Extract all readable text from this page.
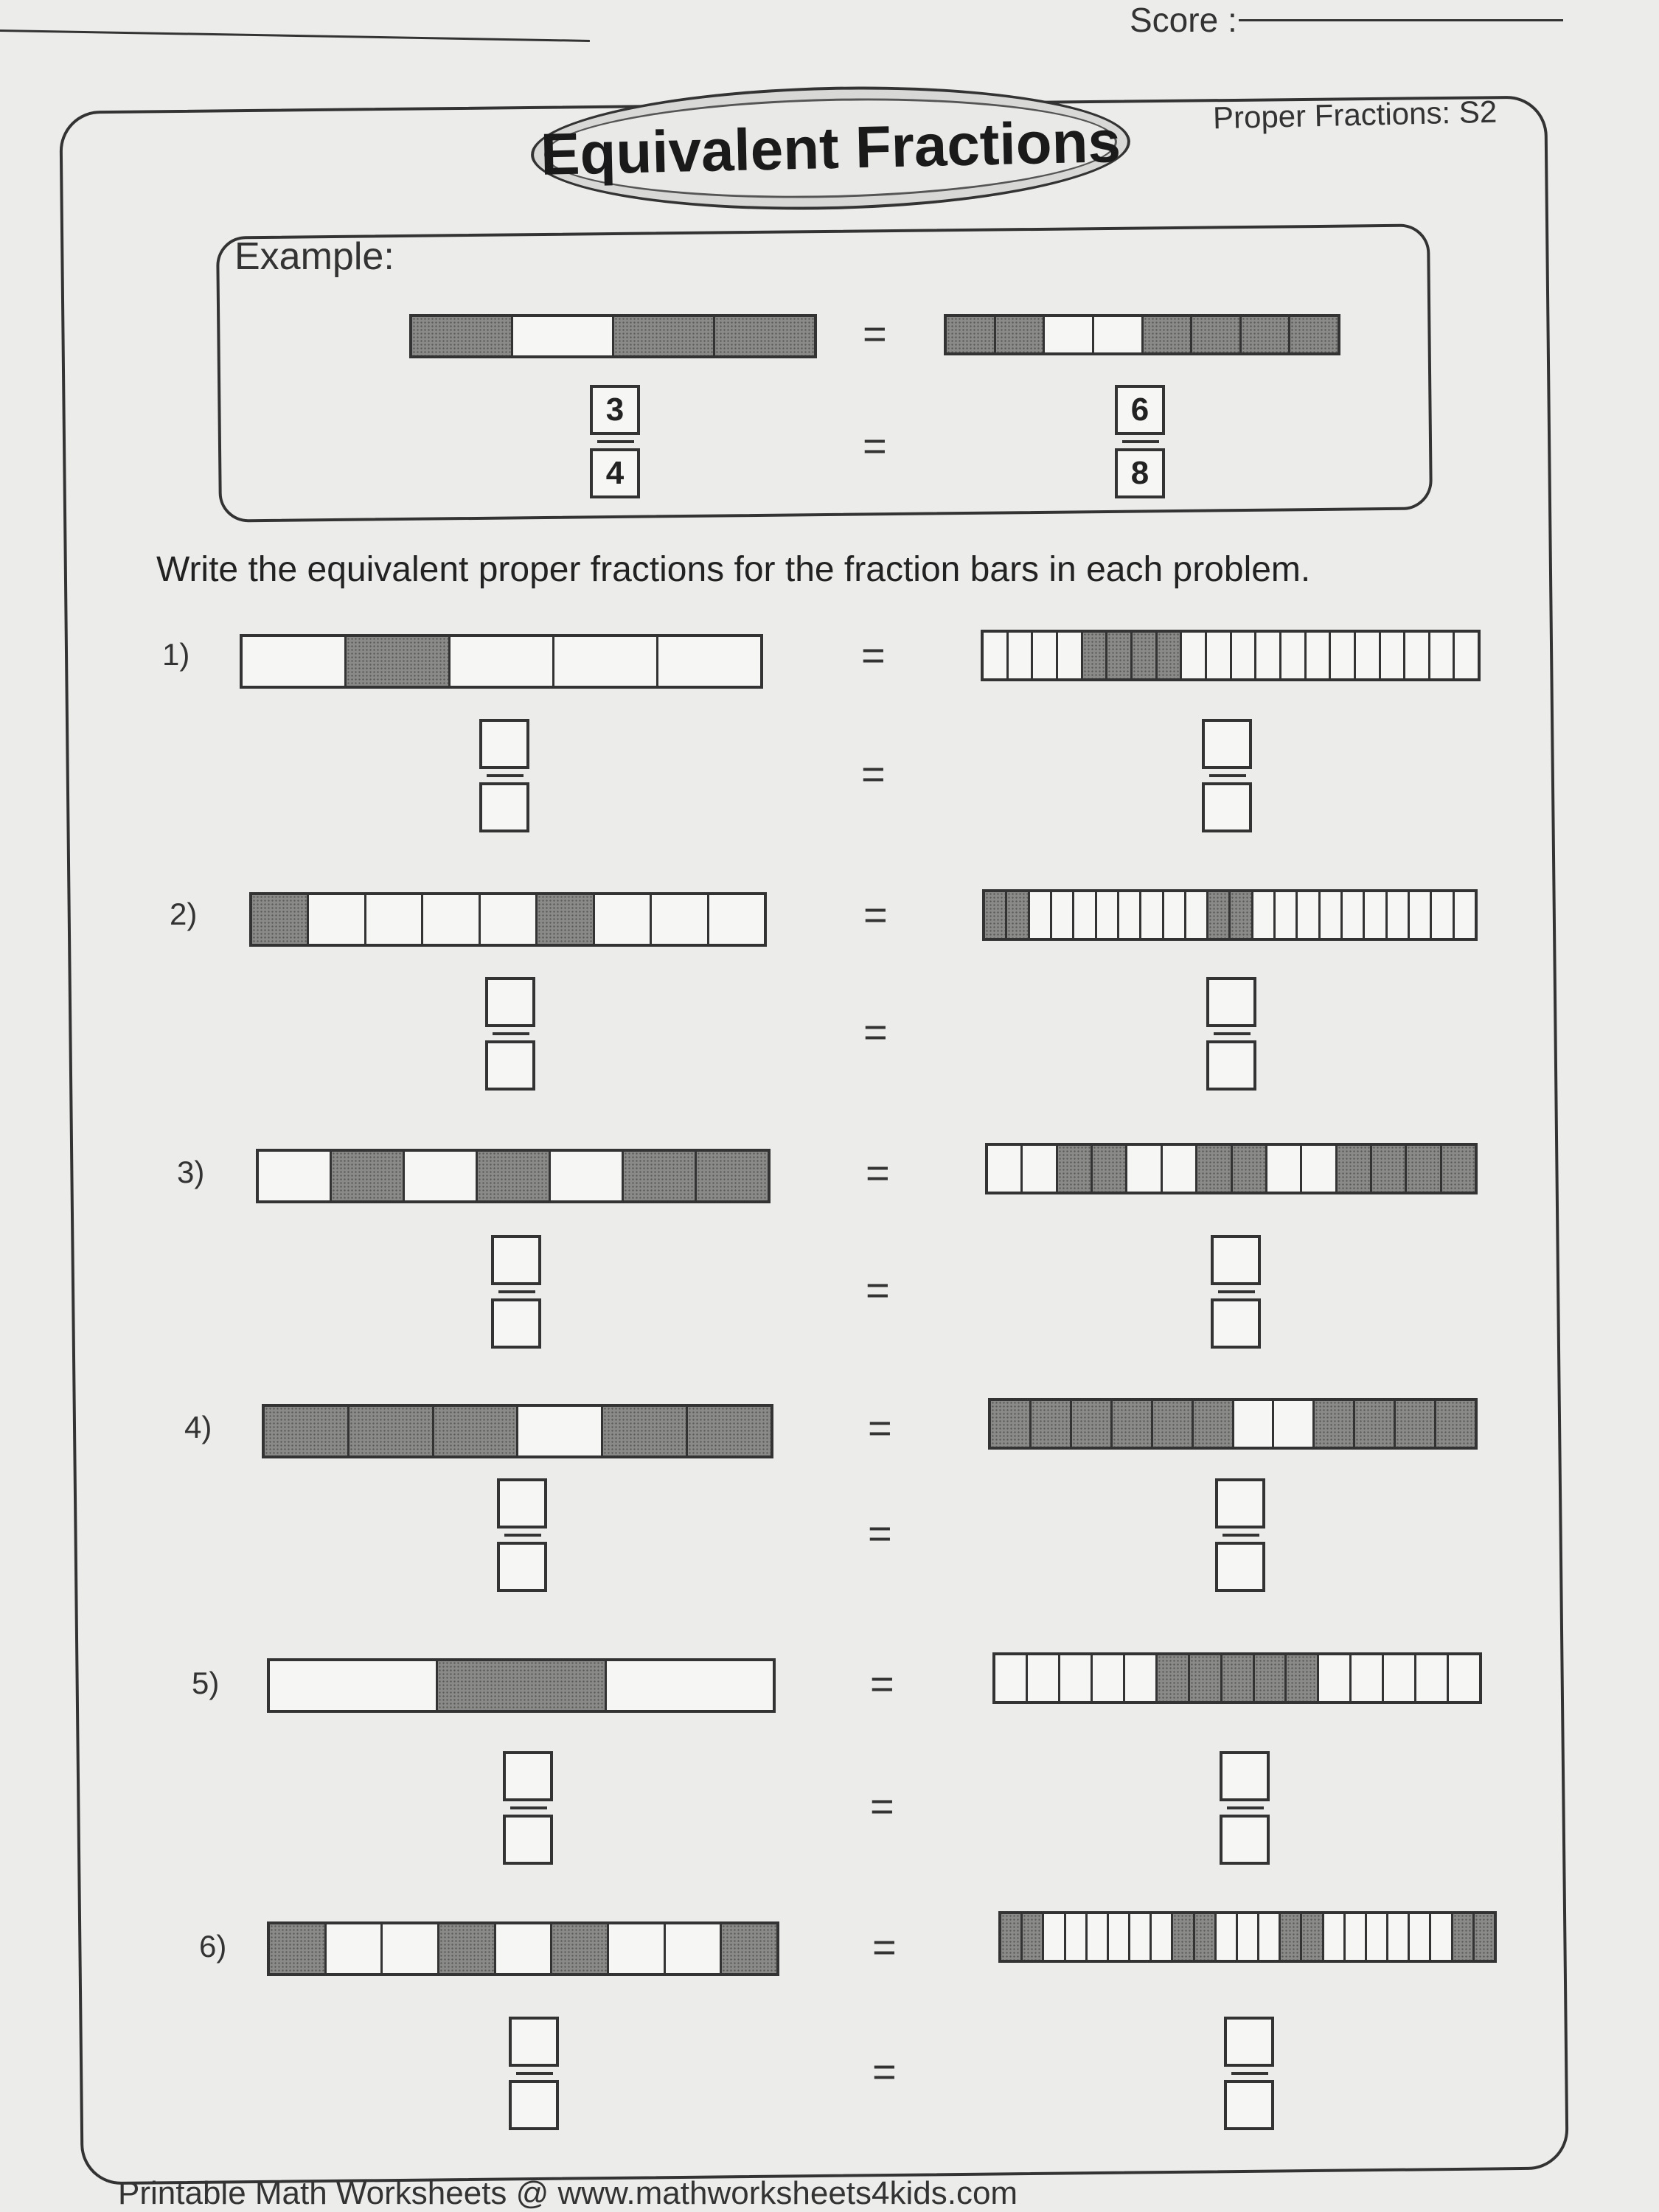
Score :
Equivalent Fractions	Proper Fractions: S2
Example:
=
$\frac{3}{4}$	=	$\frac{6}{8}$
Write the equivalent proper fractions for the fraction bars in each problem.
1)	=
=
2)	=
=
3)	=
=
4)	=
=
5)	=
=
6)	=
=
Printable Math Worksheets @ www.mathworksheets4kids.com
